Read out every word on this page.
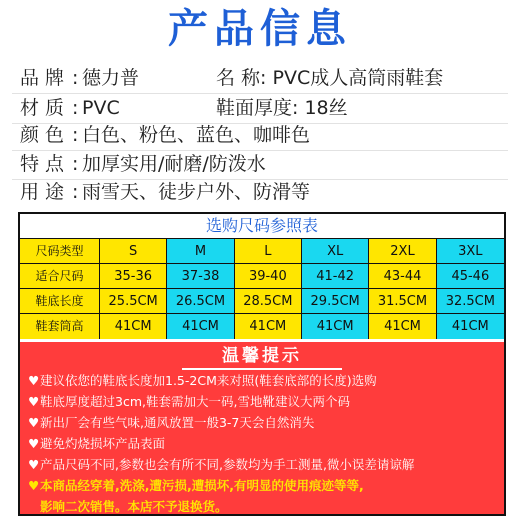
产品信息
品 牌 : 德力普	名 称: PVC成人高筒雨鞋套
材 质 : PVC	鞋面厚度: 18丝
颜 色 : 白色、粉色、蓝色、咖啡色
特 点 : 加厚实用/耐磨/防泼水
用 途 : 雨雪天、徒步户外、防滑等
选购尺码参照表
尺码类型	S	M	L	XL	2XL	3XL
适合尺码	35-36	37-38	39-40	41-42	43-44	45-46
鞋底长度	25.5CM	26.5CM	28.5CM	29.5CM	31.5CM	32.5CM
鞋套筒高	41CM	41CM	41CM	41CM	41CM	41CM
温馨提示
♥建议依您的鞋底长度加1.5-2CM来对照(鞋套底部的长度)选购
♥鞋底厚度超过3cm,鞋套需加大一码,雪地靴建议大两个码
♥新出厂会有些气味,通风放置一般3-7天会自然消失
♥避免灼烧损坏产品表面
♥产品尺码不同,参数也会有所不同,参数均为手工测量,微小误差请谅解
♥本商品经穿着,洗涤,遭污损,遭损坏,有明显的使用痕迹等等,
影响二次销售。本店不予退换货。
